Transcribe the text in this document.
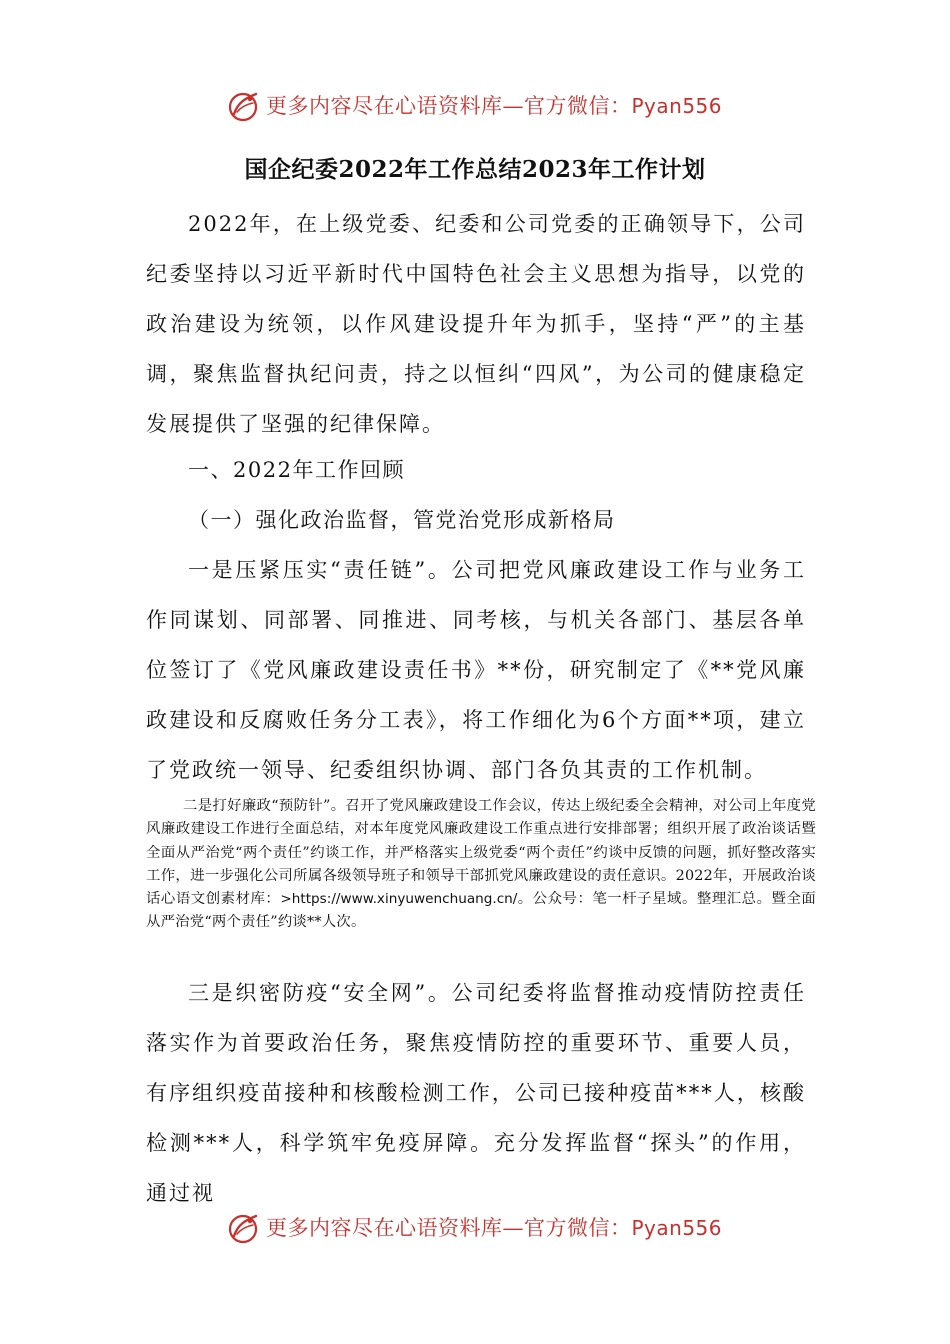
更多内容尽在心语资料库—官方微信：Pyan556
国企纪委2022年工作总结2023年工作计划

2022年，在上级党委、纪委和公司党委的正确领导下，公司纪委坚持以习近平新时代中国特色社会主义思想为指导，以党的政治建设为统领，以作风建设提升年为抓手，坚持“严”的主基调，聚焦监督执纪问责，持之以恒纠“四风”，为公司的健康稳定发展提供了坚强的纪律保障。

一、2022年工作回顾

（一）强化政治监督，管党治党形成新格局

一是压紧压实“责任链”。公司把党风廉政建设工作与业务工作同谋划、同部署、同推进、同考核，与机关各部门、基层各单位签订了《党风廉政建设责任书》**份，研究制定了《**党风廉政建设和反腐败任务分工表》，将工作细化为6个方面**项，建立了党政统一领导、纪委组织协调、部门各负其责的工作机制。

二是打好廉政“预防针”。召开了党风廉政建设工作会议，传达上级纪委全会精神，对公司上年度党风廉政建设工作进行全面总结，对本年度党风廉政建设工作重点进行安排部署；组织开展了政治谈话暨全面从严治党“两个责任”约谈工作，并严格落实上级党委“两个责任”约谈中反馈的问题，抓好整改落实工作，进一步强化公司所属各级领导班子和领导干部抓党风廉政建设的责任意识。2022年，开展政治谈话心语文创素材库：>https://www.xinyuwenchuang.cn/。公众号：笔一杆子星域。整理汇总。暨全面从严治党“两个责任”约谈**人次。

三是织密防疫“安全网”。公司纪委将监督推动疫情防控责任落实作为首要政治任务，聚焦疫情防控的重要环节、重要人员，有序组织疫苗接种和核酸检测工作，公司已接种疫苗***人，核酸检测***人，科学筑牢免疫屏障。充分发挥监督“探头”的作用，通过视

更多内容尽在心语资料库—官方微信：Pyan556
